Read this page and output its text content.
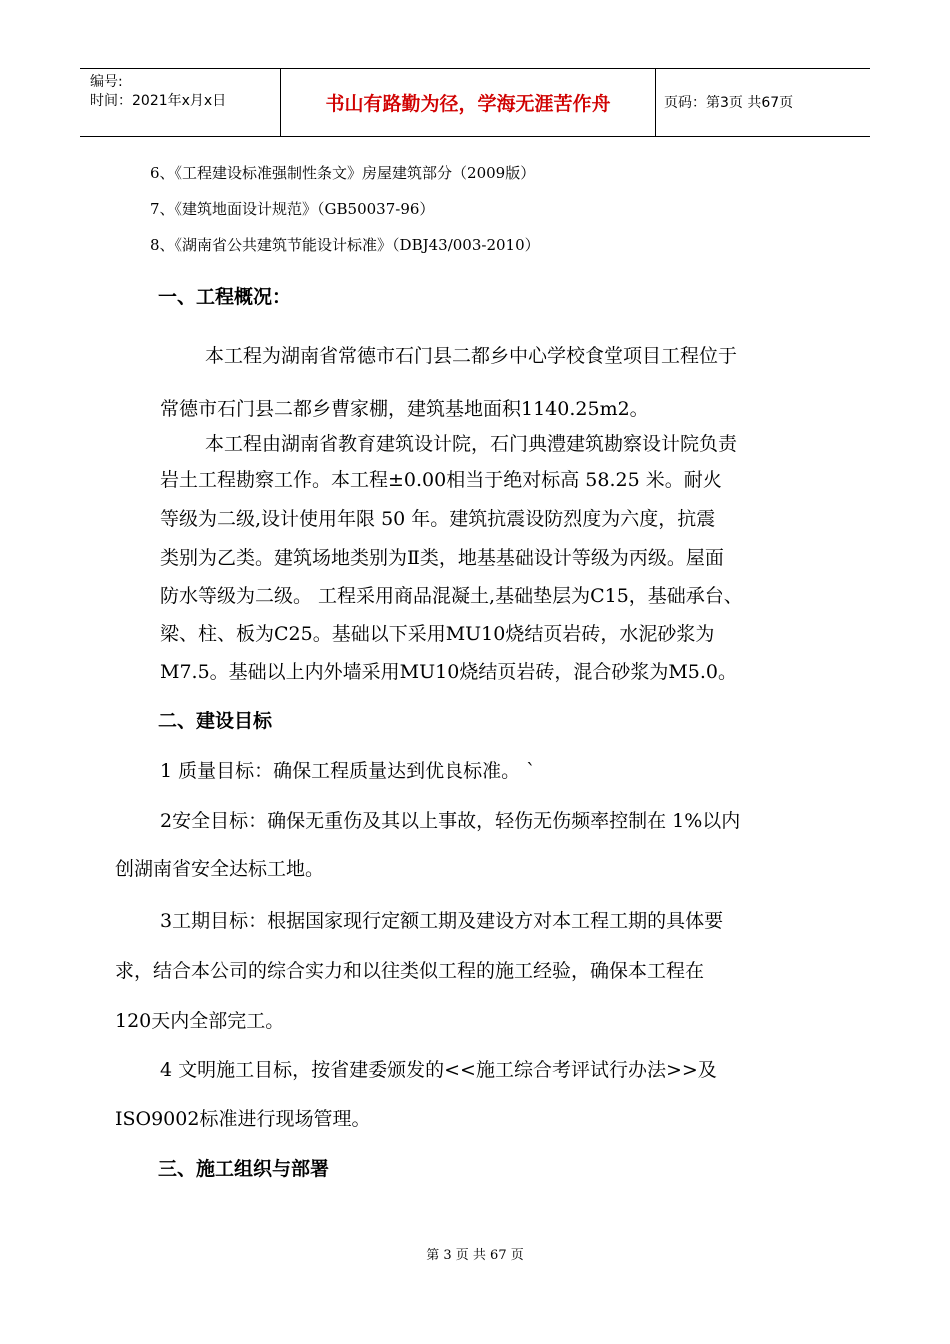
编号:
时间：2021年x月x日	书山有路勤为径，学海无涯苦作舟	页码：第3页 共67页
6、《工程建设标准强制性条文》房屋建筑部分（2009版）
7、《建筑地面设计规范》（GB50037-96）
8、《湖南省公共建筑节能设计标准》（DBJ43/003-2010）
一、工程概况：
本工程为湖南省常德市石门县二都乡中心学校食堂项目工程位于
常德市石门县二都乡曹家棚，建筑基地面积1140.25m2。
本工程由湖南省教育建筑设计院，石门典澧建筑勘察设计院负责
岩土工程勘察工作。本工程±0.00相当于绝对标高 58.25 米。耐火
等级为二级,设计使用年限 50 年。建筑抗震设防烈度为六度，抗震
类别为乙类。建筑场地类别为Ⅱ类，地基基础设计等级为丙级。屋面
防水等级为二级。 工程采用商品混凝土,基础垫层为C15，基础承台、
梁、柱、板为C25。基础以下采用MU10烧结页岩砖，水泥砂浆为
M7.5。基础以上内外墙采用MU10烧结页岩砖，混合砂浆为M5.0。
二、建设目标
1 质量目标：确保工程质量达到优良标准。 `
2安全目标：确保无重伤及其以上事故，轻伤无伤频率控制在 1%以内
创湖南省安全达标工地。
3工期目标：根据国家现行定额工期及建设方对本工程工期的具体要
求，结合本公司的综合实力和以往类似工程的施工经验，确保本工程在
120天内全部完工。
4 文明施工目标，按省建委颁发的<<施工综合考评试行办法>>及
ISO9002标准进行现场管理。
三、施工组织与部署
第 3 页 共 67 页
